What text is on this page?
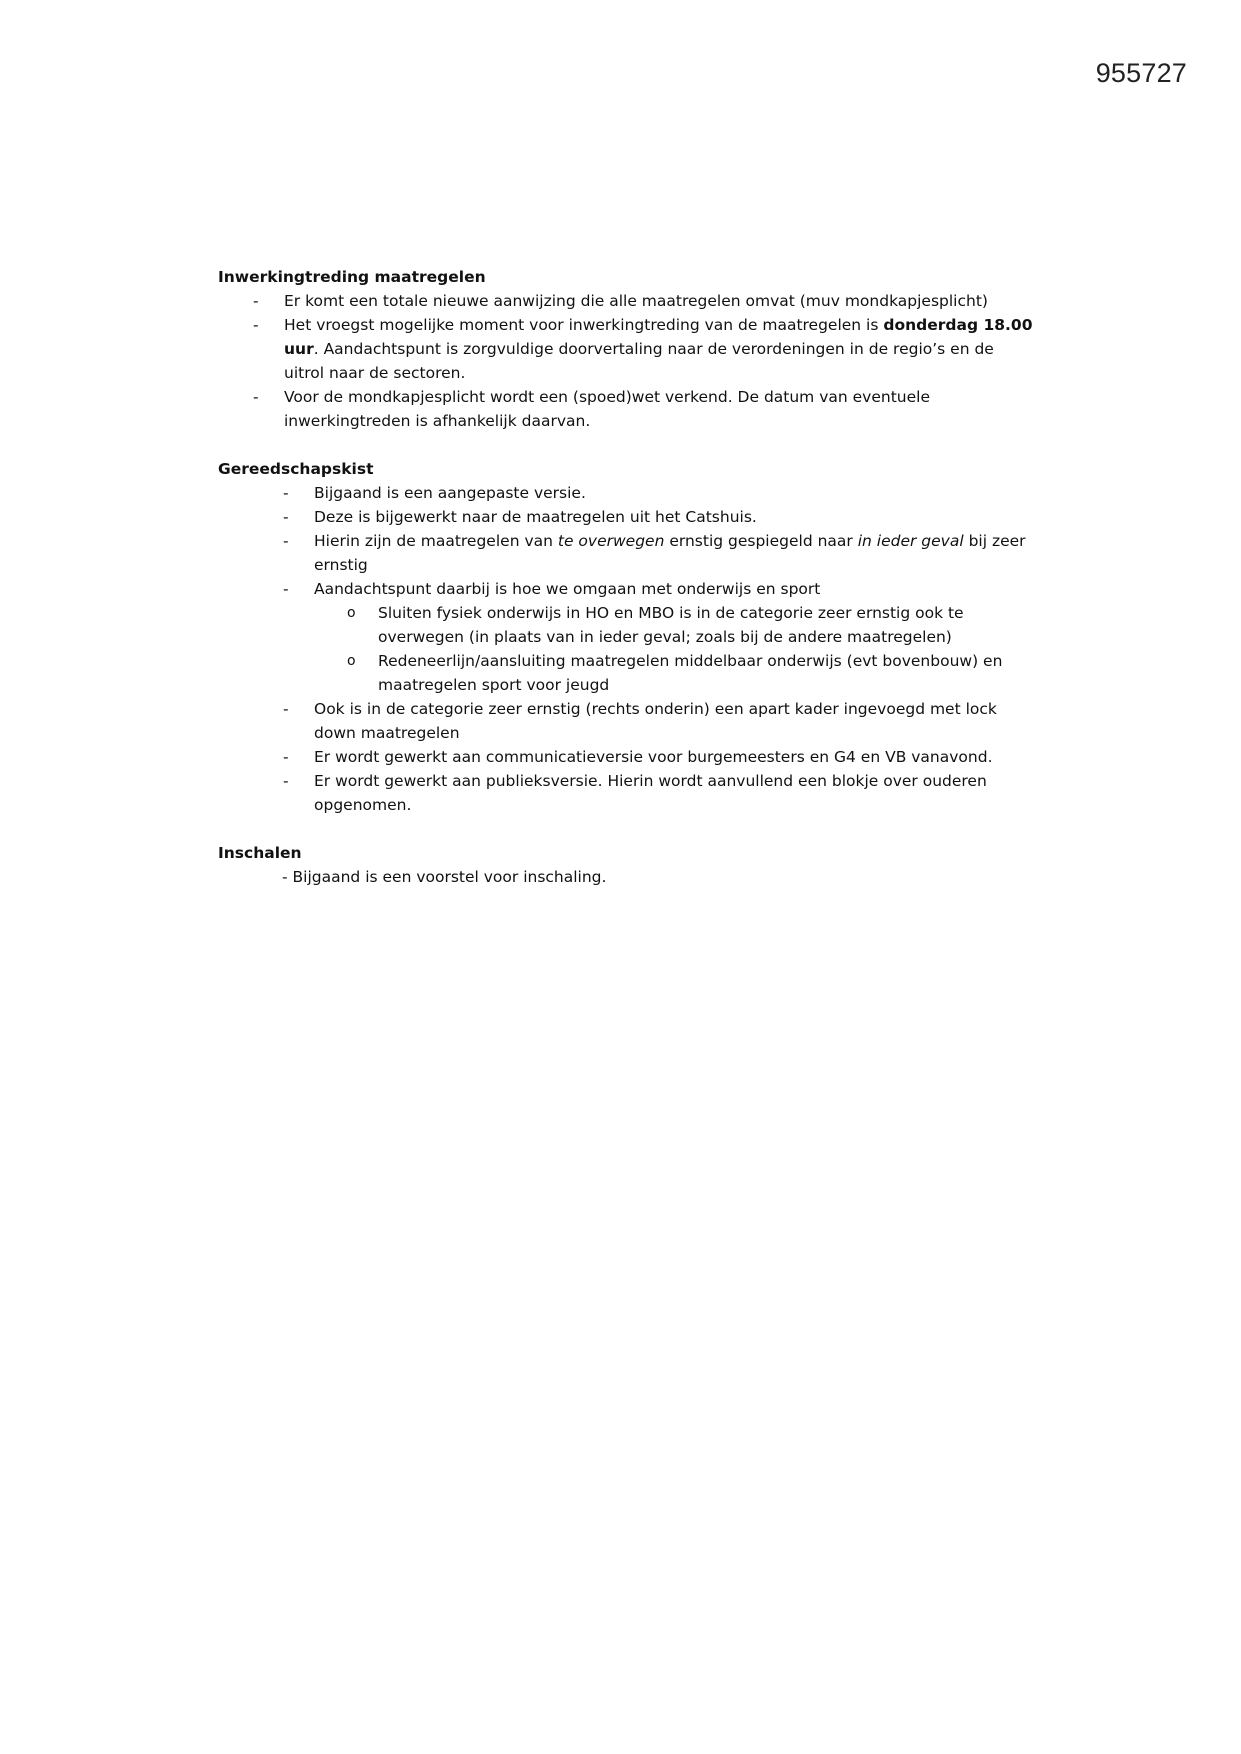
955727

Inwerkingtreding maatregelen

- Er komt een totale nieuwe aanwijzing die alle maatregelen omvat (muv mondkapjesplicht)
- Het vroegst mogelijke moment voor inwerkingtreding van de maatregelen is donderdag 18.00 uur. Aandachtspunt is zorgvuldige doorvertaling naar de verordeningen in de regio’s en de uitrol naar de sectoren.
- Voor de mondkapjesplicht wordt een (spoed)wet verkend. De datum van eventuele inwerkingtreden is afhankelijk daarvan.

Gereedschapskist

- Bijgaand is een aangepaste versie.
- Deze is bijgewerkt naar de maatregelen uit het Catshuis.
- Hierin zijn de maatregelen van te overwegen ernstig gespiegeld naar in ieder geval bij zeer ernstig
- Aandachtspunt daarbij is hoe we omgaan met onderwijs en sport
o Sluiten fysiek onderwijs in HO en MBO is in de categorie zeer ernstig ook te overwegen (in plaats van in ieder geval; zoals bij de andere maatregelen)
o Redeneerlijn/aansluiting maatregelen middelbaar onderwijs (evt bovenbouw) en maatregelen sport voor jeugd
- Ook is in de categorie zeer ernstig (rechts onderin) een apart kader ingevoegd met lock down maatregelen
- Er wordt gewerkt aan communicatieversie voor burgemeesters en G4 en VB vanavond.
- Er wordt gewerkt aan publieksversie. Hierin wordt aanvullend een blokje over ouderen opgenomen.

Inschalen

- Bijgaand is een voorstel voor inschaling.
